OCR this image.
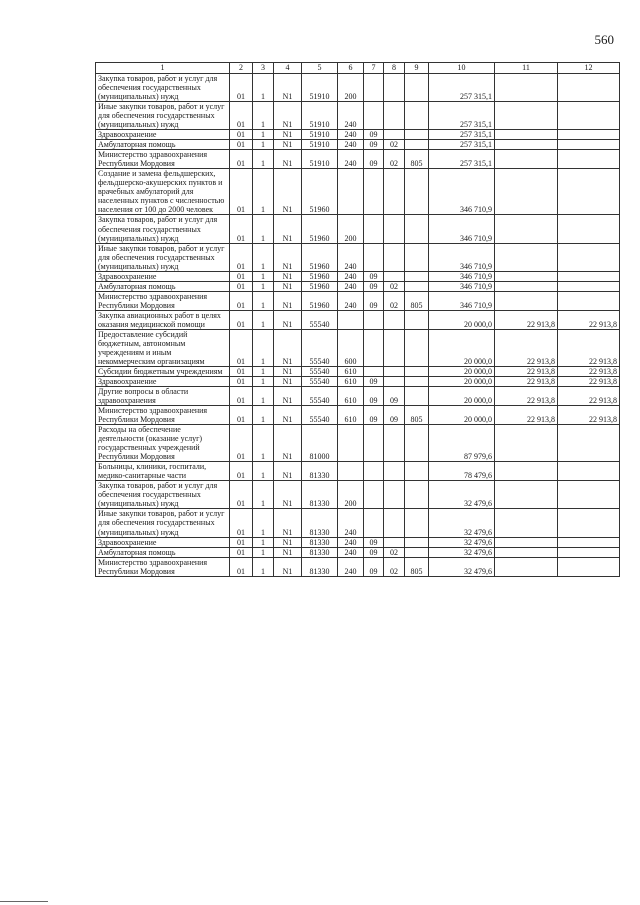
560
1	2	3	4	5	6	7	8	9	10	11	12
Закупка товаров, работ и услуг для обеспечения государственных (муниципальных) нужд	01	1	N1	51910	200				257 315,1		
Иные закупки товаров, работ и услуг для обеспечения государственных (муниципальных) нужд	01	1	N1	51910	240				257 315,1		
Здравоохранение	01	1	N1	51910	240	09			257 315,1		
Амбулаторная помощь	01	1	N1	51910	240	09	02		257 315,1		
Министерство здравоохранения Республики Мордовия	01	1	N1	51910	240	09	02	805	257 315,1		
Создание и замена фельдшерских, фельдшерско-акушерских пунктов и врачебных амбулаторий для населенных пунктов с численностью населения от 100 до 2000 человек	01	1	N1	51960					346 710,9		
Закупка товаров, работ и услуг для обеспечения государственных (муниципальных) нужд	01	1	N1	51960	200				346 710,9		
Иные закупки товаров, работ и услуг для обеспечения государственных (муниципальных) нужд	01	1	N1	51960	240				346 710,9		
Здравоохранение	01	1	N1	51960	240	09			346 710,9		
Амбулаторная помощь	01	1	N1	51960	240	09	02		346 710,9		
Министерство здравоохранения Республики Мордовия	01	1	N1	51960	240	09	02	805	346 710,9		
Закупка авиационных работ в целях оказания медицинской помощи	01	1	N1	55540					20 000,0	22 913,8	22 913,8
Предоставление субсидий бюджетным, автономным учреждениям и иным некоммерческим организациям	01	1	N1	55540	600				20 000,0	22 913,8	22 913,8
Субсидии бюджетным учреждениям	01	1	N1	55540	610				20 000,0	22 913,8	22 913,8
Здравоохранение	01	1	N1	55540	610	09			20 000,0	22 913,8	22 913,8
Другие вопросы в области здравоохранения	01	1	N1	55540	610	09	09		20 000,0	22 913,8	22 913,8
Министерство здравоохранения Республики Мордовия	01	1	N1	55540	610	09	09	805	20 000,0	22 913,8	22 913,8
Расходы на обеспечение деятельности (оказание услуг) государственных учреждений Республики Мордовия	01	1	N1	81000					87 979,6		
Больницы, клиники, госпитали, медико-санитарные части	01	1	N1	81330					78 479,6		
Закупка товаров, работ и услуг для обеспечения государственных (муниципальных) нужд	01	1	N1	81330	200				32 479,6		
Иные закупки товаров, работ и услуг для обеспечения государственных (муниципальных) нужд	01	1	N1	81330	240				32 479,6		
Здравоохранение	01	1	N1	81330	240	09			32 479,6		
Амбулаторная помощь	01	1	N1	81330	240	09	02		32 479,6		
Министерство здравоохранения Республики Мордовия	01	1	N1	81330	240	09	02	805	32 479,6		
